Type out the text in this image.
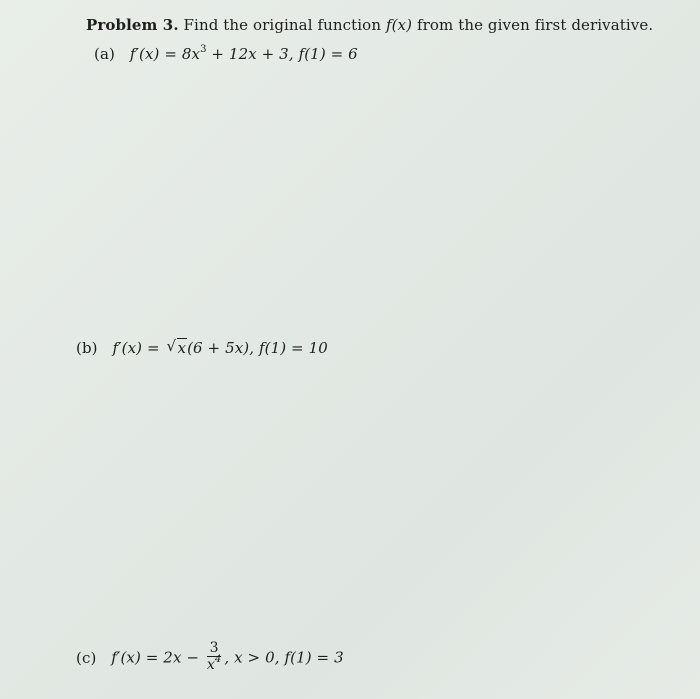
Problem 3. Find the original function f(x) from the given first derivative.
(a) $f'(x) = 8x^3 + 12x + 3$, f(1) = 6
(b) f′(x) = √ x(6 + 5x), f(1) = 10
(c) $f'(x) = 2x - \frac{3}{x^4}$ , x > 0, f(1) = 3
